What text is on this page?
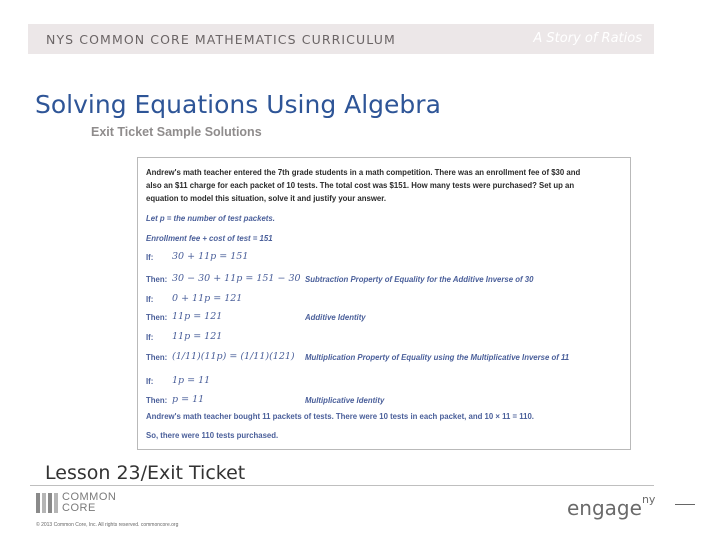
NYS COMMON CORE MATHEMATICS CURRICULUM	A Story of Ratios
Solving Equations Using Algebra
Exit Ticket Sample Solutions
Andrew's math teacher entered the 7th grade students in a math competition. There was an enrollment fee of $30 and
also an $11 charge for each packet of 10 tests. The total cost was $151. How many tests were purchased? Set up an
equation to model this situation, solve it and justify your answer.
Let p = the number of test packets.
Enrollment fee + cost of test = 151
If: 30 + 11p = 151
Then: 30 − 30 + 11p = 151 − 30 Subtraction Property of Equality for the Additive Inverse of 30
If: 0 + 11p = 121
Then: 11p = 121	Additive Identity
If: 11p = 121
Then: (1/11)(11p) = (1/11)(121) Multiplication Property of Equality using the Multiplicative Inverse of 11
If: 1p = 11
Then: p = 11	Multiplicative Identity
Andrew's math teacher bought 11 packets of tests. There were 10 tests in each packet, and 10 × 11 = 110.
So, there were 110 tests purchased.
Lesson 23/Exit Ticket
COMMON
CORE
© 2013 Common Core, Inc. All rights reserved. commoncore.org
engage$^{ny}$
